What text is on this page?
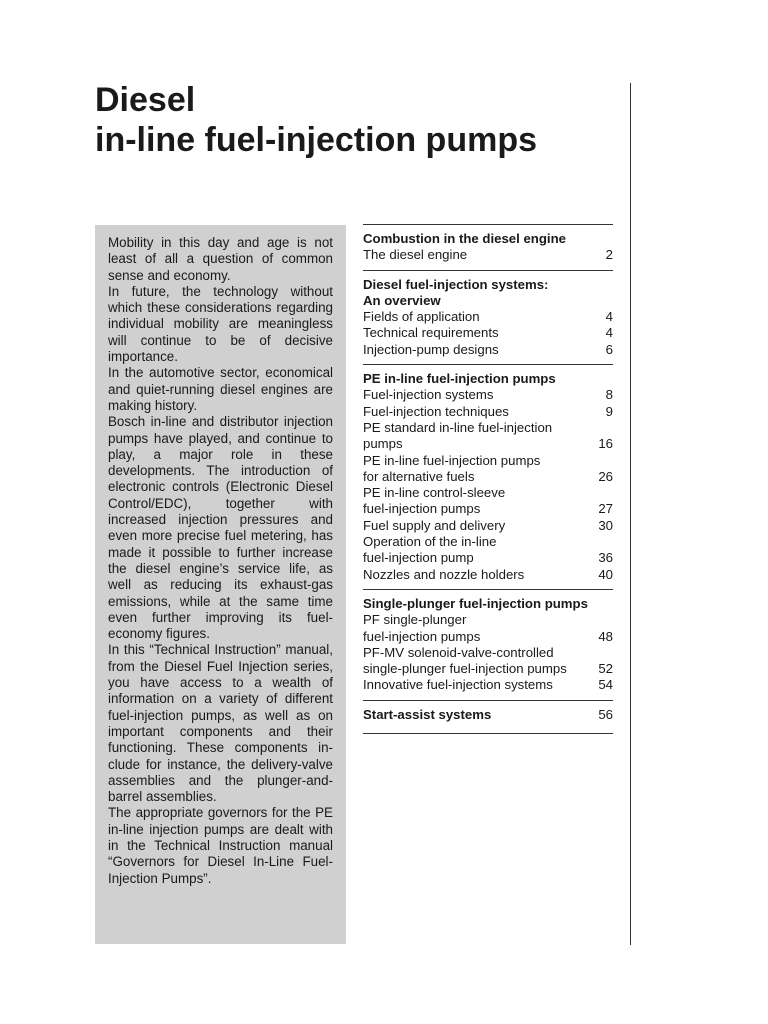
Diesel
in-line fuel-injection pumps

Mobility in this day and age is not least of all a question of common sense and economy.

In future, the technology without which these considerations regarding individual mobility are meaningless will continue to be of decisive importance.

In the automotive sector, economical and quiet-running diesel engines are making history.

Bosch in-line and distributor injection pumps have played, and continue to play, a major role in these developments. The introduction of electronic controls (Electronic Diesel Control/EDC), together with increased injection pressures and even more precise fuel metering, has made it possible to further increase the diesel engine’s service life, as well as reducing its exhaust-gas emissions, while at the same time even further improving its fuel-economy figures.

In this “Technical Instruction” manual, from the Diesel Fuel Injection series, you have access to a wealth of information on a variety of different fuel-injection pumps, as well as on important components and their functioning. These components include for instance, the delivery-valve assemblies and the plunger-and-barrel assemblies.

The appropriate governors for the PE in-line injection pumps are dealt with in the Technical Instruction manual “Governors for Diesel In-Line Fuel-Injection Pumps”.

Combustion in the diesel engine
The diesel engine	2
Diesel fuel-injection systems:
An overview
Fields of application	4
Technical requirements	4
Injection-pump designs	6
PE in-line fuel-injection pumps
Fuel-injection systems	8
Fuel-injection techniques	9
PE standard in-line fuel-injection
pumps	16
PE in-line fuel-injection pumps
for alternative fuels	26
PE in-line control-sleeve
fuel-injection pumps	27
Fuel supply and delivery	30
Operation of the in-line
fuel-injection pump	36
Nozzles and nozzle holders	40
Single-plunger fuel-injection pumps
PF single-plunger
fuel-injection pumps	48
PF-MV solenoid-valve-controlled
single-plunger fuel-injection pumps	52
Innovative fuel-injection systems	54
Start-assist systems	56
